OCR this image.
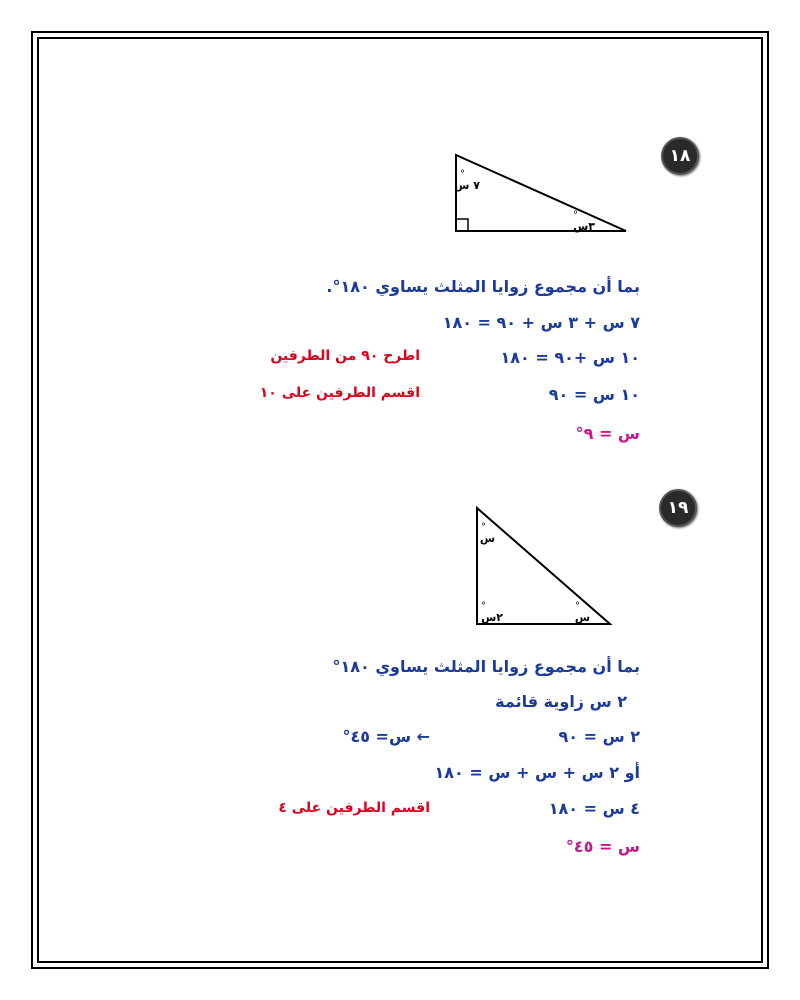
١٨
٧ س
°
٣س
°
بما أن مجموع زوايا المثلث يساوي ١٨٠°.
٧ س + ٣ س + ٩٠ = ١٨٠
١٠ س +٩٠ = ١٨٠
اطرح ٩٠ من الطرفين
١٠ س = ٩٠
اقسم الطرفين على ١٠
س = ٩°
١٩
س
°
٢س
°
س
°
بما أن مجموع زوايا المثلث يساوي ١٨٠°
٢ س زاوية قائمة
٢ س = ٩٠
← س= ٤٥°
أو ٢ س + س + س = ١٨٠
٤ س = ١٨٠
اقسم الطرفين على ٤
س = ٤٥°
